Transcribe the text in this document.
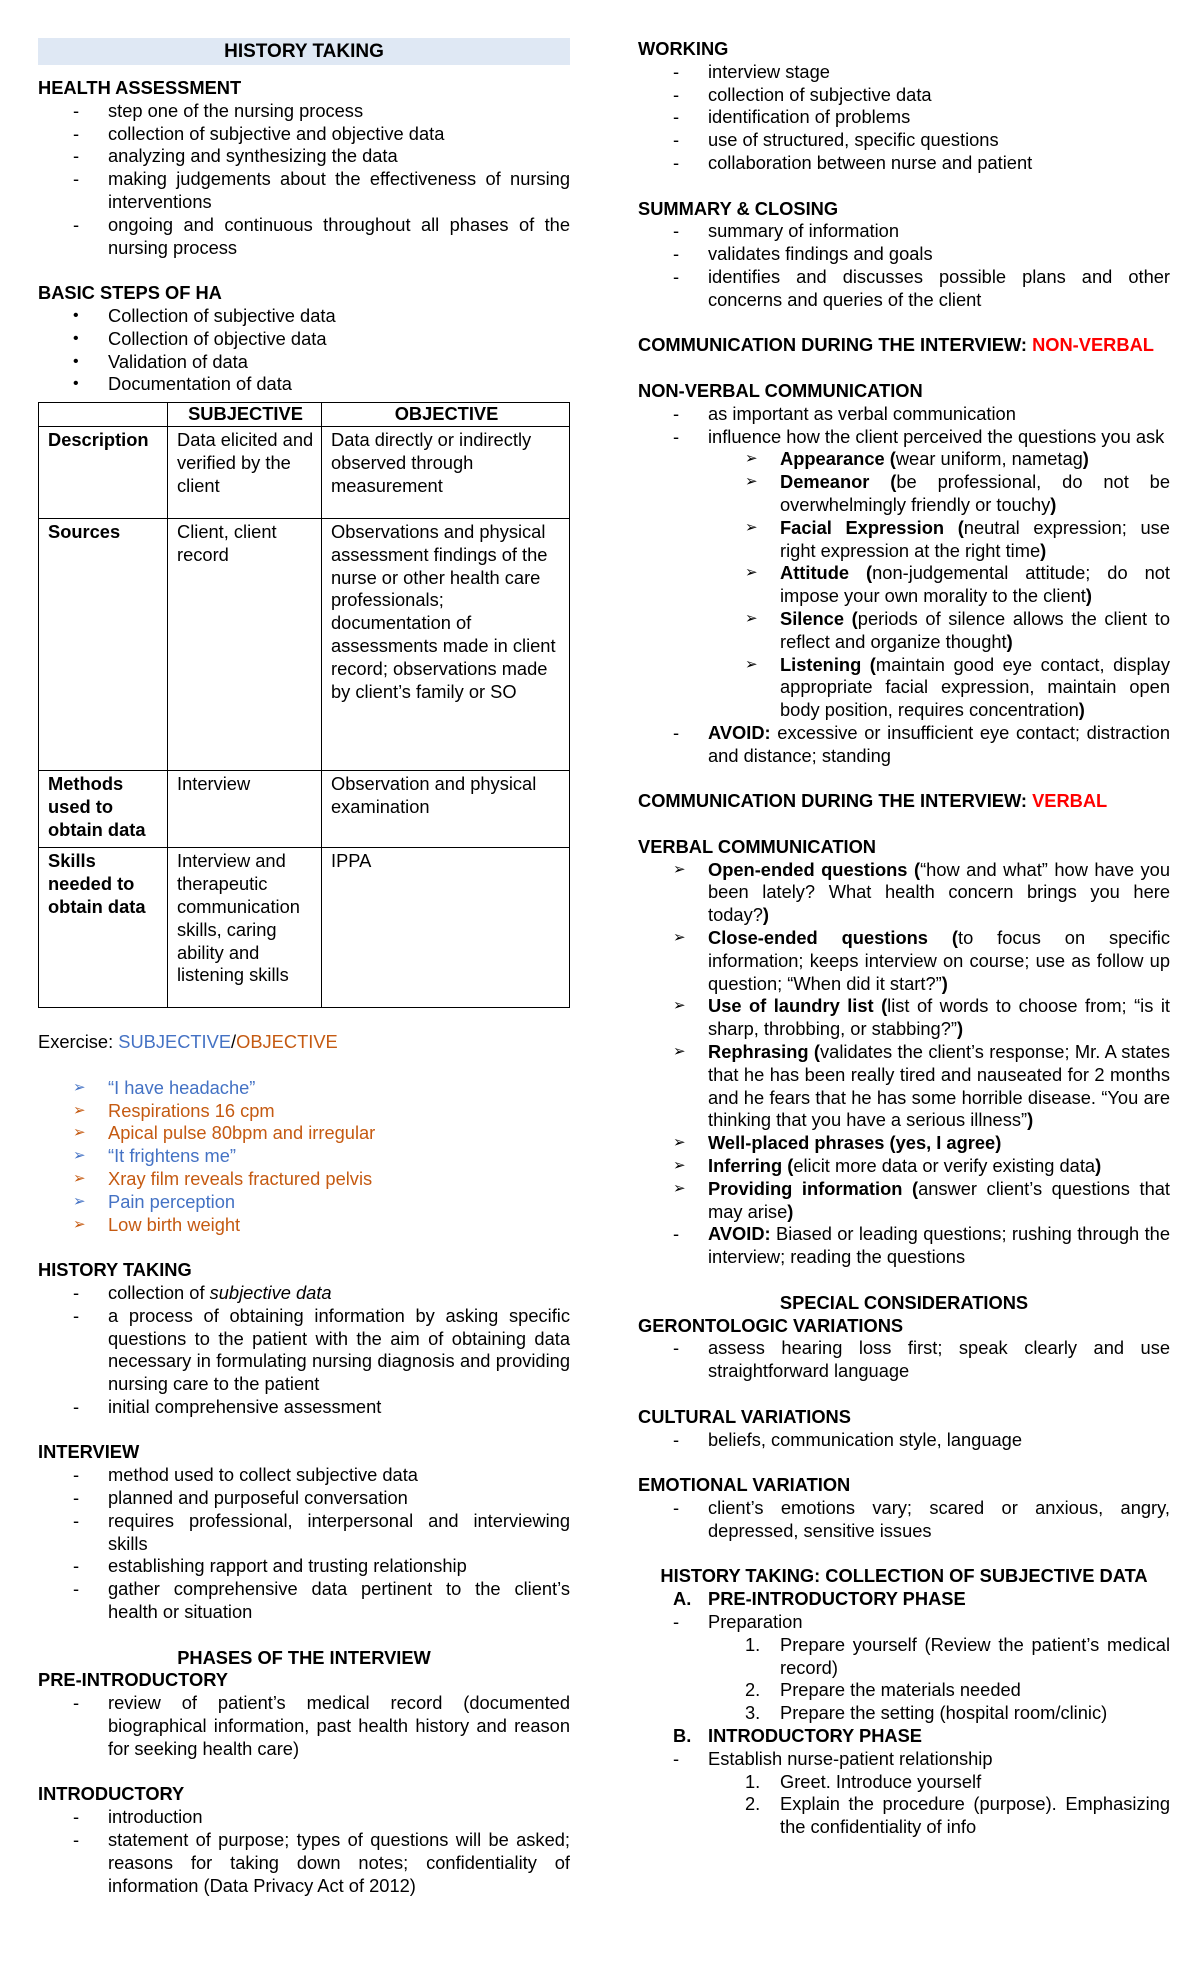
HISTORY TAKING
HEALTH ASSESSMENT
- step one of the nursing process
- collection of subjective and objective data
- analyzing and synthesizing the data
- making judgements about the effectiveness of nursing interventions
- ongoing and continuous throughout all phases of the nursing process
BASIC STEPS OF HA
• Collection of subjective data
• Collection of objective data
• Validation of data
• Documentation of data
	SUBJECTIVE	OBJECTIVE
Description	Data elicited and verified by the client	Data directly or indirectly observed through measurement
Sources	Client, client record	Observations and physical assessment findings of the nurse or other health care professionals; documentation of assessments made in client record; observations made by client’s family or SO
Methods used to obtain data	Interview	Observation and physical examination
Skills needed to obtain data	Interview and therapeutic communication skills, caring ability and listening skills	IPPA
Exercise: SUBJECTIVE/OBJECTIVE
➢ “I have headache”
➢ Respirations 16 cpm
➢ Apical pulse 80bpm and irregular
➢ “It frightens me”
➢ Xray film reveals fractured pelvis
➢ Pain perception
➢ Low birth weight
HISTORY TAKING
- collection of subjective data
- a process of obtaining information by asking specific questions to the patient with the aim of obtaining data necessary in formulating nursing diagnosis and providing nursing care to the patient
- initial comprehensive assessment
INTERVIEW
- method used to collect subjective data
- planned and purposeful conversation
- requires professional, interpersonal and interviewing skills
- establishing rapport and trusting relationship
- gather comprehensive data pertinent to the client’s health or situation
PHASES OF THE INTERVIEW
PRE-INTRODUCTORY
- review of patient’s medical record (documented biographical information, past health history and reason for seeking health care)
INTRODUCTORY
- introduction
- statement of purpose; types of questions will be asked; reasons for taking down notes; confidentiality of information (Data Privacy Act of 2012)
WORKING
- interview stage
- collection of subjective data
- identification of problems
- use of structured, specific questions
- collaboration between nurse and patient
SUMMARY & CLOSING
- summary of information
- validates findings and goals
- identifies and discusses possible plans and other concerns and queries of the client
COMMUNICATION DURING THE INTERVIEW: NON-VERBAL
NON-VERBAL COMMUNICATION
- as important as verbal communication
- influence how the client perceived the questions you ask
➢ Appearance (wear uniform, nametag)
➢ Demeanor (be professional, do not be overwhelmingly friendly or touchy)
➢ Facial Expression (neutral expression; use right expression at the right time)
➢ Attitude (non-judgemental attitude; do not impose your own morality to the client)
➢ Silence (periods of silence allows the client to reflect and organize thought)
➢ Listening (maintain good eye contact, display appropriate facial expression, maintain open body position, requires concentration)
- AVOID: excessive or insufficient eye contact; distraction and distance; standing
COMMUNICATION DURING THE INTERVIEW: VERBAL
VERBAL COMMUNICATION
➢ Open-ended questions (“how and what” how have you been lately? What health concern brings you here today?)
➢ Close-ended questions (to focus on specific information; keeps interview on course; use as follow up question; “When did it start?”)
➢ Use of laundry list (list of words to choose from; “is it sharp, throbbing, or stabbing?”)
➢ Rephrasing (validates the client’s response; Mr. A states that he has been really tired and nauseated for 2 months and he fears that he has some horrible disease. “You are thinking that you have a serious illness”)
➢ Well-placed phrases (yes, I agree)
➢ Inferring (elicit more data or verify existing data)
➢ Providing information (answer client’s questions that may arise)
- AVOID: Biased or leading questions; rushing through the interview; reading the questions
SPECIAL CONSIDERATIONS
GERONTOLOGIC VARIATIONS
- assess hearing loss first; speak clearly and use straightforward language
CULTURAL VARIATIONS
- beliefs, communication style, language
EMOTIONAL VARIATION
- client’s emotions vary; scared or anxious, angry, depressed, sensitive issues
HISTORY TAKING: COLLECTION OF SUBJECTIVE DATA
A. PRE-INTRODUCTORY PHASE
- Preparation
1. Prepare yourself (Review the patient’s medical record)
2. Prepare the materials needed
3. Prepare the setting (hospital room/clinic)
B. INTRODUCTORY PHASE
- Establish nurse-patient relationship
1. Greet. Introduce yourself
2. Explain the procedure (purpose). Emphasizing the confidentiality of info
